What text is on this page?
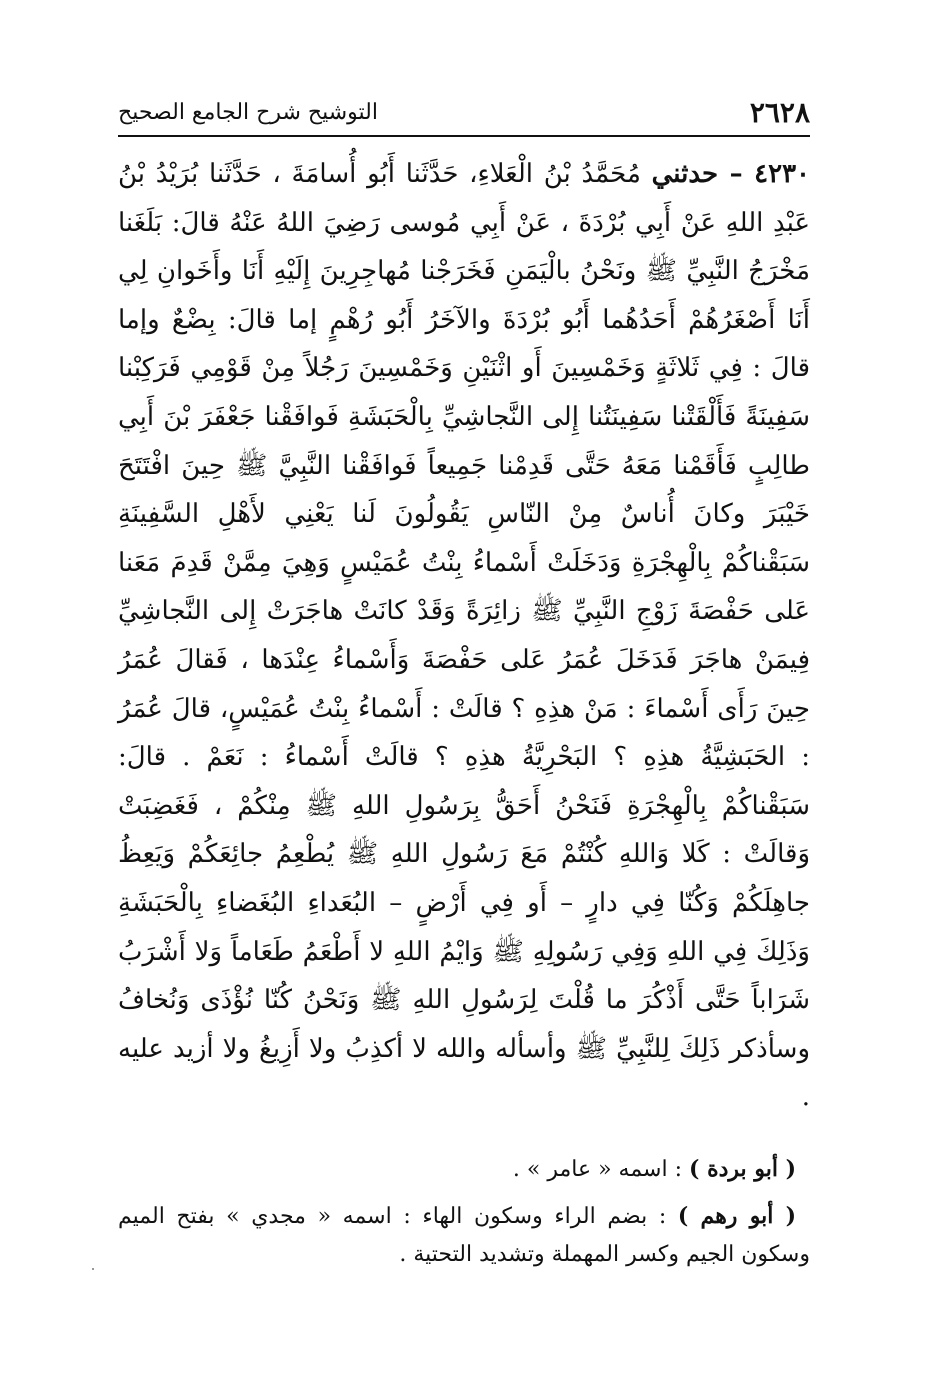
٢٦٢٨
التوشيح شرح الجامع الصحيح

٤٢٣٠ – حدثني مُحَمَّدُ بْنُ الْعَلاءِ، حَدَّثَنا أَبُو أُسامَةَ ، حَدَّثَنا بُرَيْدُ بْنُ عَبْدِ اللهِ عَنْ أَبِي بُرْدَةَ ، عَنْ أَبِي مُوسى رَضِيَ اللهُ عَنْهُ قالَ: بَلَغَنا مَخْرَجُ النَّبِيِّ ﷺ ونَحْنُ بالْيَمَنِ فَخَرَجْنا مُهاجِرِينَ إِلَيْهِ أَنَا وأَخَوانِ لِي أَنَا أَصْغَرُهُمْ أَحَدُهُما أَبُو بُرْدَةَ والآخَرُ أَبُو رُهْمٍ إما قالَ: بِضْعٌ وإما قالَ : فِي ثَلاثَةٍ وَخَمْسِينَ أَو اثْنَيْنِ وَخَمْسِينَ رَجُلاً مِنْ قَوْمِي فَرَكِبْنا سَفِينَةً فَأَلْقَتْنا سَفِينَتُنا إِلى النَّجاشِيِّ بِالْحَبَشَةِ فَوافَقْنا جَعْفَرَ بْنَ أَبِي طالِبٍ فَأَقَمْنا مَعَهُ حَتَّى قَدِمْنا جَمِيعاً فَوافَقْنا النَّبِيَّ ﷺ حِينَ افْتَتَحَ خَيْبَرَ وكانَ أُناسٌ مِنْ النّاسِ يَقُولُونَ لَنا يَعْنِي لأَهْلِ السَّفِينَةِ سَبَقْناكُمْ بِالْهِجْرَةِ وَدَخَلَتْ أَسْماءُ بِنْتُ عُمَيْسٍ وَهِيَ مِمَّنْ قَدِمَ مَعَنا عَلى حَفْصَةَ زَوْجِ النَّبِيِّ ﷺ زائِرَةً وَقَدْ كانَتْ هاجَرَتْ إِلى النَّجاشِيِّ فِيمَنْ هاجَرَ فَدَخَلَ عُمَرُ عَلى حَفْصَةَ وَأَسْماءُ عِنْدَها ، فَقالَ عُمَرُ حِينَ رَأَى أَسْماءَ : مَنْ هذِهِ ؟ قالَتْ : أَسْماءُ بِنْتُ عُمَيْسٍ، قالَ عُمَرُ : الحَبَشِيَّةُ هذِهِ ؟ البَحْرِيَّةُ هذِهِ ؟ قالَتْ أَسْماءُ : نَعَمْ . قالَ: سَبَقْناكُمْ بِالْهِجْرَةِ فَنَحْنُ أَحَقُّ بِرَسُولِ اللهِ ﷺ مِنْكُمْ ، فَغَضِبَتْ وَقالَتْ : كَلا وَاللهِ كُنْتُمْ مَعَ رَسُولِ اللهِ ﷺ يُطْعِمُ جائِعَكُمْ وَيَعِظُ جاهِلَكُمْ وَكُنّا فِي دارٍ – أَو فِي أَرْضٍ – البُعَداءِ البُغَضاءِ بِالْحَبَشَةِ وَذَلِكَ فِي اللهِ وَفِي رَسُولِهِ ﷺ وَايْمُ اللهِ لا أَطْعَمُ طَعَاماً وَلا أَشْرَبُ شَرَاباً حَتَّى أَذْكُرَ ما قُلْتَ لِرَسُولِ اللهِ ﷺ وَنَحْنُ كُنّا نُؤْذَى وَنُخافُ وسأذكر ذَلِكَ لِلنَّبِيِّ ﷺ وأسأله والله لا أكذِبُ ولا أَزِيغُ ولا أزيد عليه .

( أبو بردة ) : اسمه « عامر » .

( أبو رهم ) : بضم الراء وسكون الهاء : اسمه « مجدي » بفتح الميم وسكون الجيم وكسر المهملة وتشديد التحتية .
